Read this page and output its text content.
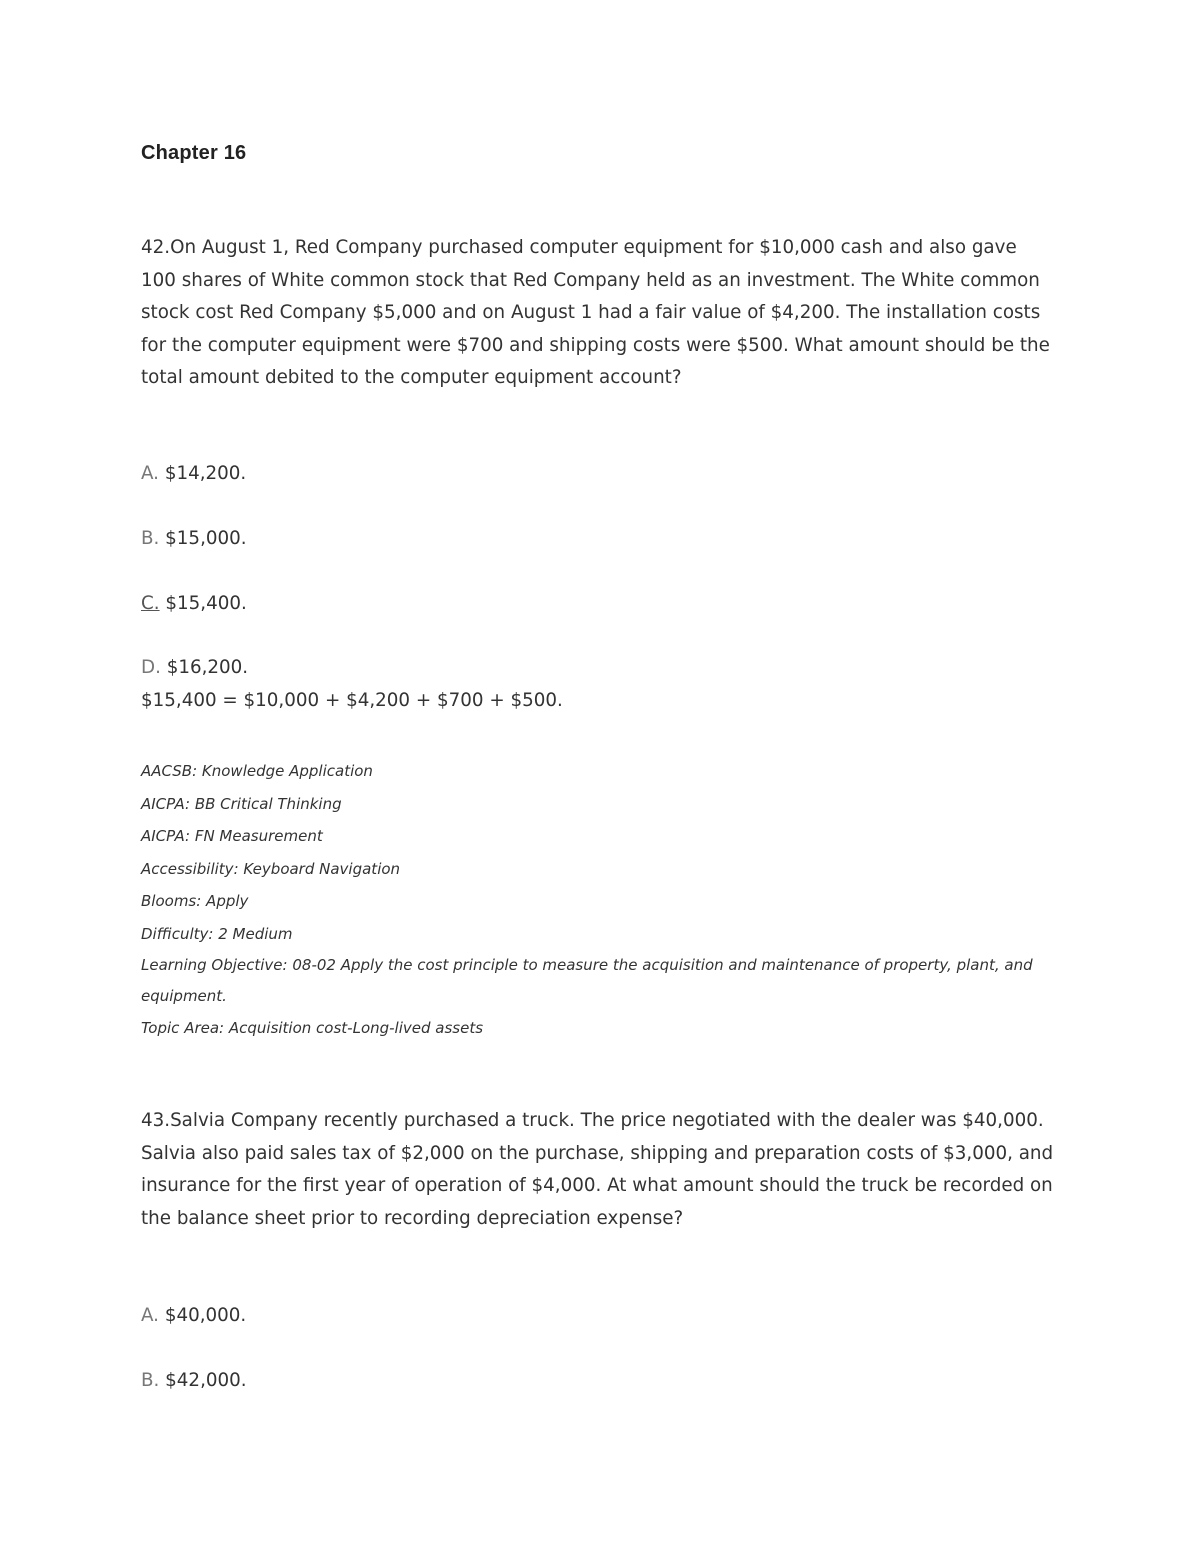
Chapter 16

42.On August 1, Red Company purchased computer equipment for $10,000 cash and also gave 100 shares of White common stock that Red Company held as an investment. The White common stock cost Red Company $5,000 and on August 1 had a fair value of $4,200. The installation costs for the computer equipment were $700 and shipping costs were $500. What amount should be the total amount debited to the computer equipment account?

A. $14,200.
B. $15,000.
C. $15,400.
D. $16,200.
$15,400 = $10,000 + $4,200 + $700 + $500.
AACSB: Knowledge Application
AICPA: BB Critical Thinking
AICPA: FN Measurement
Accessibility: Keyboard Navigation
Blooms: Apply
Difficulty: 2 Medium
Learning Objective: 08-02 Apply the cost principle to measure the acquisition and maintenance of property, plant, and equipment.
Topic Area: Acquisition cost-Long-lived assets

43.Salvia Company recently purchased a truck. The price negotiated with the dealer was $40,000. Salvia also paid sales tax of $2,000 on the purchase, shipping and preparation costs of $3,000, and insurance for the first year of operation of $4,000. At what amount should the truck be recorded on the balance sheet prior to recording depreciation expense?

A. $40,000.
B. $42,000.
